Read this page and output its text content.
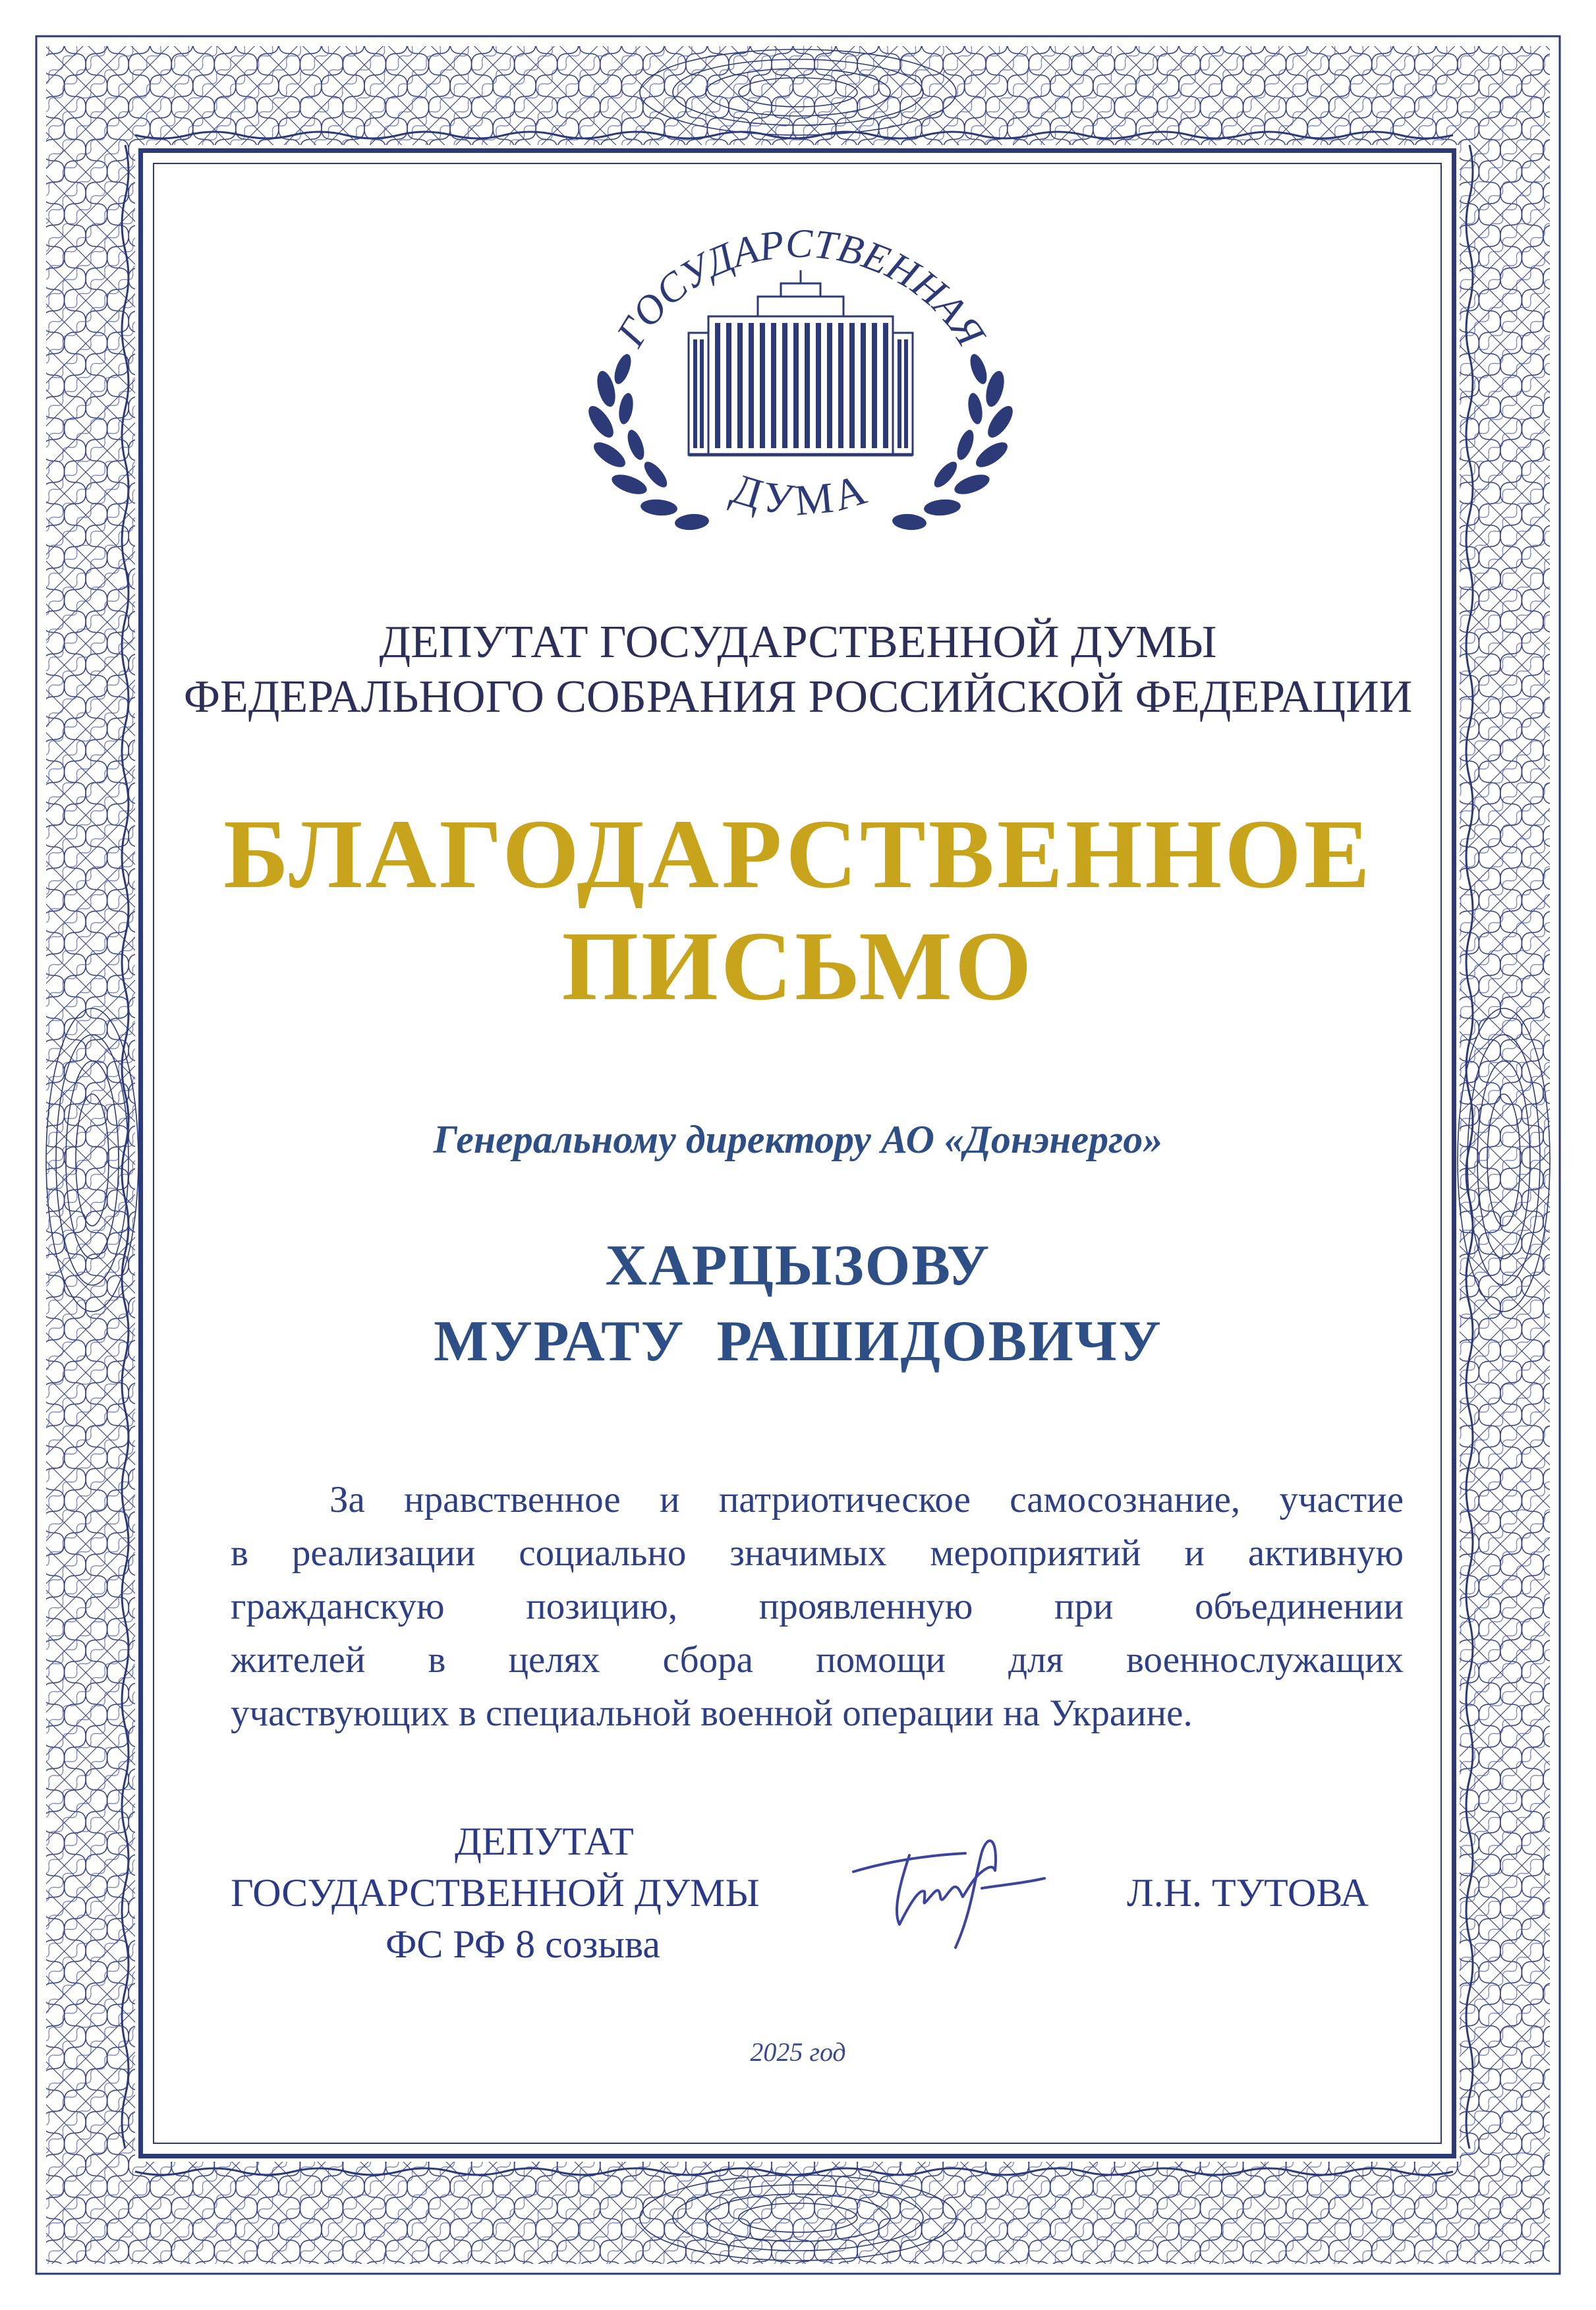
ГОСУДАРСТВЕННАЯ
ДУМА
ДЕПУТАТ ГОСУДАРСТВЕННОЙ ДУМЫ
ФЕДЕРАЛЬНОГО СОБРАНИЯ РОССИЙСКОЙ ФЕДЕРАЦИИ
БЛАГОДАРСТВЕННОЕ
ПИСЬМО
Генеральному директору АО «Донэнерго»
ХАРЦЫЗОВУ
МУРАТУ  РАШИДОВИЧУ
За нравственное и патриотическое самосознание, участие
в реализации социально значимых мероприятий и активную
гражданскую позицию, проявленную при объединении
жителей в целях сбора помощи для военнослужащих
участвующих в специальной военной операции на Украине.
ДЕПУТАТ
ГОСУДАРСТВЕННОЙ ДУМЫ
ФС РФ 8 созыва
Л.Н. ТУТОВА
2025 год
